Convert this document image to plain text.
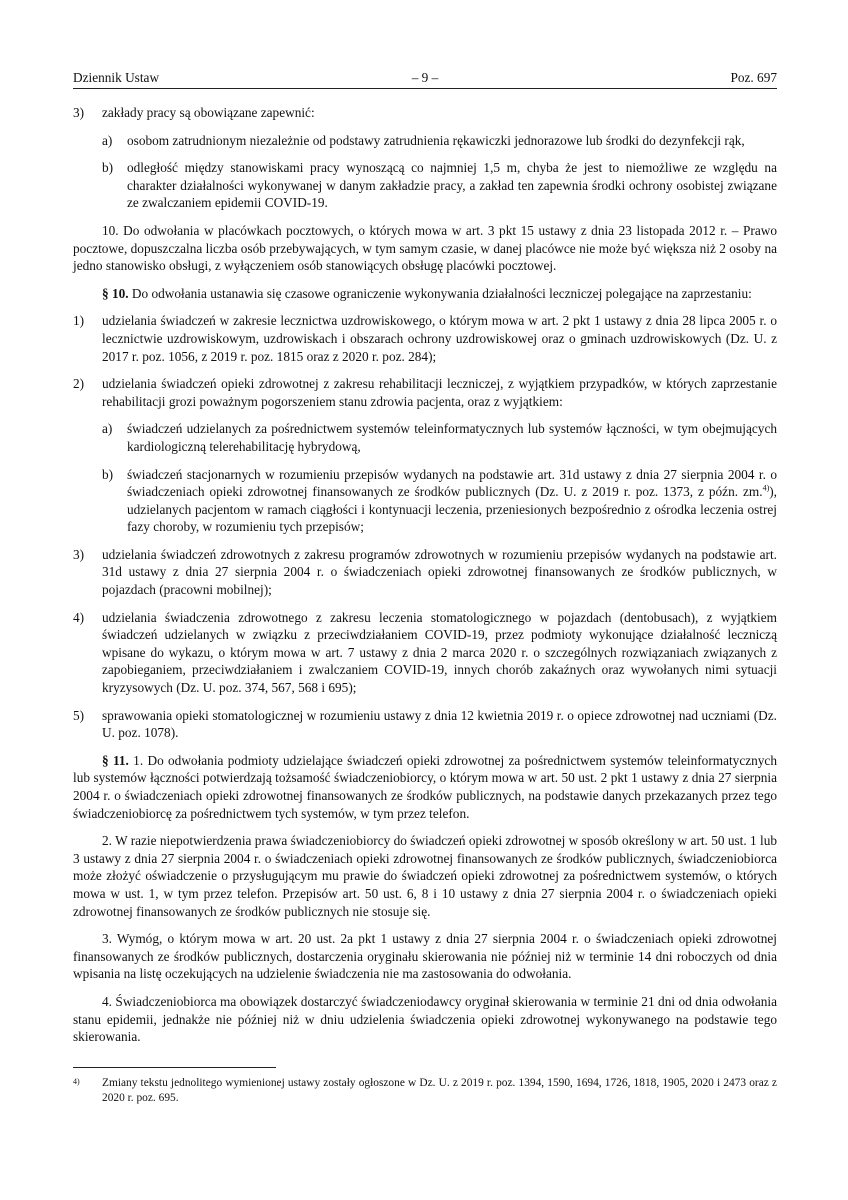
Dziennik Ustaw	– 9 –	Poz. 697
3) zakłady pracy są obowiązane zapewnić:
a) osobom zatrudnionym niezależnie od podstawy zatrudnienia rękawiczki jednorazowe lub środki do dezynfekcji rąk,
b) odległość między stanowiskami pracy wynoszącą co najmniej 1,5 m, chyba że jest to niemożliwe ze względu na charakter działalności wykonywanej w danym zakładzie pracy, a zakład ten zapewnia środki ochrony osobistej związane ze zwalczaniem epidemii COVID-19.
10. Do odwołania w placówkach pocztowych, o których mowa w art. 3 pkt 15 ustawy z dnia 23 listopada 2012 r. – Prawo pocztowe, dopuszczalna liczba osób przebywających, w tym samym czasie, w danej placówce nie może być większa niż 2 osoby na jedno stanowisko obsługi, z wyłączeniem osób stanowiących obsługę placówki pocztowej.
§ 10. Do odwołania ustanawia się czasowe ograniczenie wykonywania działalności leczniczej polegające na zaprzestaniu:
1) udzielania świadczeń w zakresie lecznictwa uzdrowiskowego, o którym mowa w art. 2 pkt 1 ustawy z dnia 28 lipca 2005 r. o lecznictwie uzdrowiskowym, uzdrowiskach i obszarach ochrony uzdrowiskowej oraz o gminach uzdrowiskowych (Dz. U. z 2017 r. poz. 1056, z 2019 r. poz. 1815 oraz z 2020 r. poz. 284);
2) udzielania świadczeń opieki zdrowotnej z zakresu rehabilitacji leczniczej, z wyjątkiem przypadków, w których zaprzestanie rehabilitacji grozi poważnym pogorszeniem stanu zdrowia pacjenta, oraz z wyjątkiem:
a) świadczeń udzielanych za pośrednictwem systemów teleinformatycznych lub systemów łączności, w tym obejmujących kardiologiczną telerehabilitację hybrydową,
b) świadczeń stacjonarnych w rozumieniu przepisów wydanych na podstawie art. 31d ustawy z dnia 27 sierpnia 2004 r. o świadczeniach opieki zdrowotnej finansowanych ze środków publicznych (Dz. U. z 2019 r. poz. 1373, z późn. zm.$^{4)}$), udzielanych pacjentom w ramach ciągłości i kontynuacji leczenia, przeniesionych bezpośrednio z ośrodka leczenia ostrej fazy choroby, w rozumieniu tych przepisów;
3) udzielania świadczeń zdrowotnych z zakresu programów zdrowotnych w rozumieniu przepisów wydanych na podstawie art. 31d ustawy z dnia 27 sierpnia 2004 r. o świadczeniach opieki zdrowotnej finansowanych ze środków publicznych, w pojazdach (pracowni mobilnej);
4) udzielania świadczenia zdrowotnego z zakresu leczenia stomatologicznego w pojazdach (dentobusach), z wyjątkiem świadczeń udzielanych w związku z przeciwdziałaniem COVID-19, przez podmioty wykonujące działalność leczniczą wpisane do wykazu, o którym mowa w art. 7 ustawy z dnia 2 marca 2020 r. o szczególnych rozwiązaniach związanych z zapobieganiem, przeciwdziałaniem i zwalczaniem COVID-19, innych chorób zakaźnych oraz wywołanych nimi sytuacji kryzysowych (Dz. U. poz. 374, 567, 568 i 695);
5) sprawowania opieki stomatologicznej w rozumieniu ustawy z dnia 12 kwietnia 2019 r. o opiece zdrowotnej nad uczniami (Dz. U. poz. 1078).
§ 11. 1. Do odwołania podmioty udzielające świadczeń opieki zdrowotnej za pośrednictwem systemów teleinformatycznych lub systemów łączności potwierdzają tożsamość świadczeniobiorcy, o którym mowa w art. 50 ust. 2 pkt 1 ustawy z dnia 27 sierpnia 2004 r. o świadczeniach opieki zdrowotnej finansowanych ze środków publicznych, na podstawie danych przekazanych przez tego świadczeniobiorcę za pośrednictwem tych systemów, w tym przez telefon.
2. W razie niepotwierdzenia prawa świadczeniobiorcy do świadczeń opieki zdrowotnej w sposób określony w art. 50 ust. 1 lub 3 ustawy z dnia 27 sierpnia 2004 r. o świadczeniach opieki zdrowotnej finansowanych ze środków publicznych, świadczeniobiorca może złożyć oświadczenie o przysługującym mu prawie do świadczeń opieki zdrowotnej za pośrednictwem systemów, o których mowa w ust. 1, w tym przez telefon. Przepisów art. 50 ust. 6, 8 i 10 ustawy z dnia 27 sierpnia 2004 r. o świadczeniach opieki zdrowotnej finansowanych ze środków publicznych nie stosuje się.
3. Wymóg, o którym mowa w art. 20 ust. 2a pkt 1 ustawy z dnia 27 sierpnia 2004 r. o świadczeniach opieki zdrowotnej finansowanych ze środków publicznych, dostarczenia oryginału skierowania nie później niż w terminie 14 dni roboczych od dnia wpisania na listę oczekujących na udzielenie świadczenia nie ma zastosowania do odwołania.
4. Świadczeniobiorca ma obowiązek dostarczyć świadczeniodawcy oryginał skierowania w terminie 21 dni od dnia odwołania stanu epidemii, jednakże nie później niż w dniu udzielenia świadczenia opieki zdrowotnej wykonywanego na podstawie tego skierowania.
4) Zmiany tekstu jednolitego wymienionej ustawy zostały ogłoszone w Dz. U. z 2019 r. poz. 1394, 1590, 1694, 1726, 1818, 1905, 2020 i 2473 oraz z 2020 r. poz. 695.
